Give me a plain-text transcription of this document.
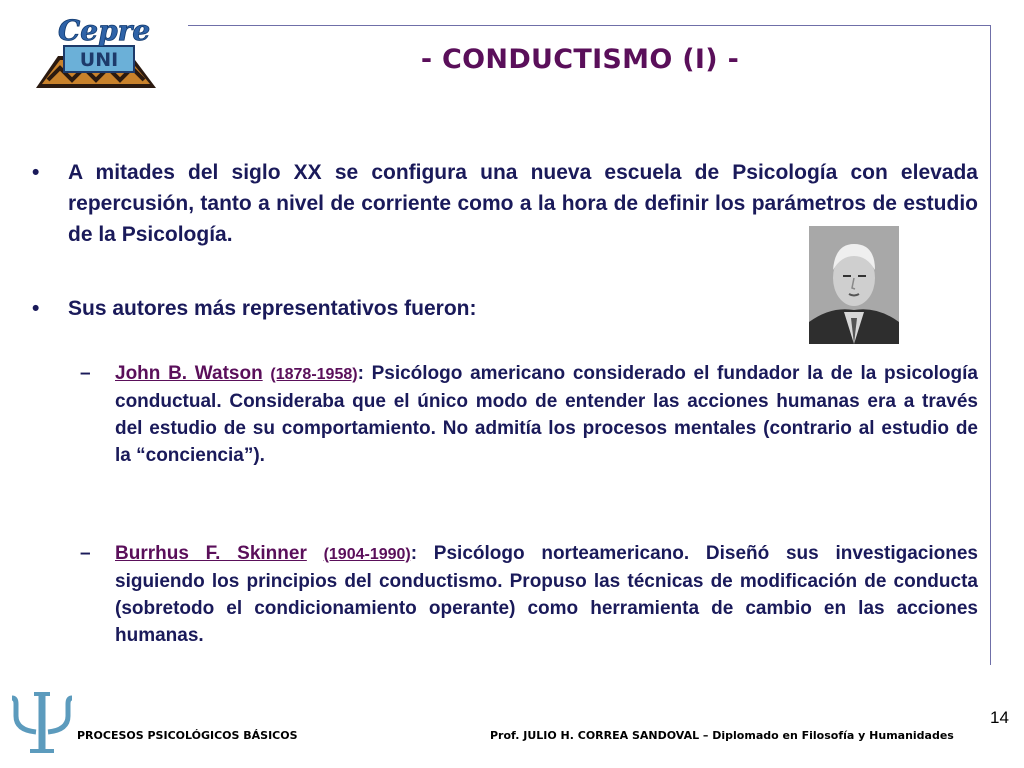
UNI
Cepre
- CONDUCTISMO (I) -
•	A mitades del siglo XX se configura una nueva escuela de Psicología con elevada repercusión, tanto a nivel de corriente como a la hora de definir los parámetros de estudio de la Psicología.
•	Sus autores más representativos fueron:
–	John B. Watson (1878-1958): Psicólogo americano considerado el fundador la de la psicología conductual. Consideraba que el único modo de entender las acciones humanas era a través del estudio de su comportamiento. No admitía los procesos mentales (contrario al estudio de la “conciencia”).
–	Burrhus F. Skinner (1904-1990): Psicólogo norteamericano. Diseñó sus investigaciones siguiendo los principios del conductismo. Propuso las técnicas de modificación de conducta (sobretodo el condicionamiento operante) como herramienta de cambio en las acciones humanas.
PROCESOS PSICOLÓGICOS BÁSICOS	Prof. JULIO H. CORREA SANDOVAL – Diplomado en Filosofía y Humanidades
14
